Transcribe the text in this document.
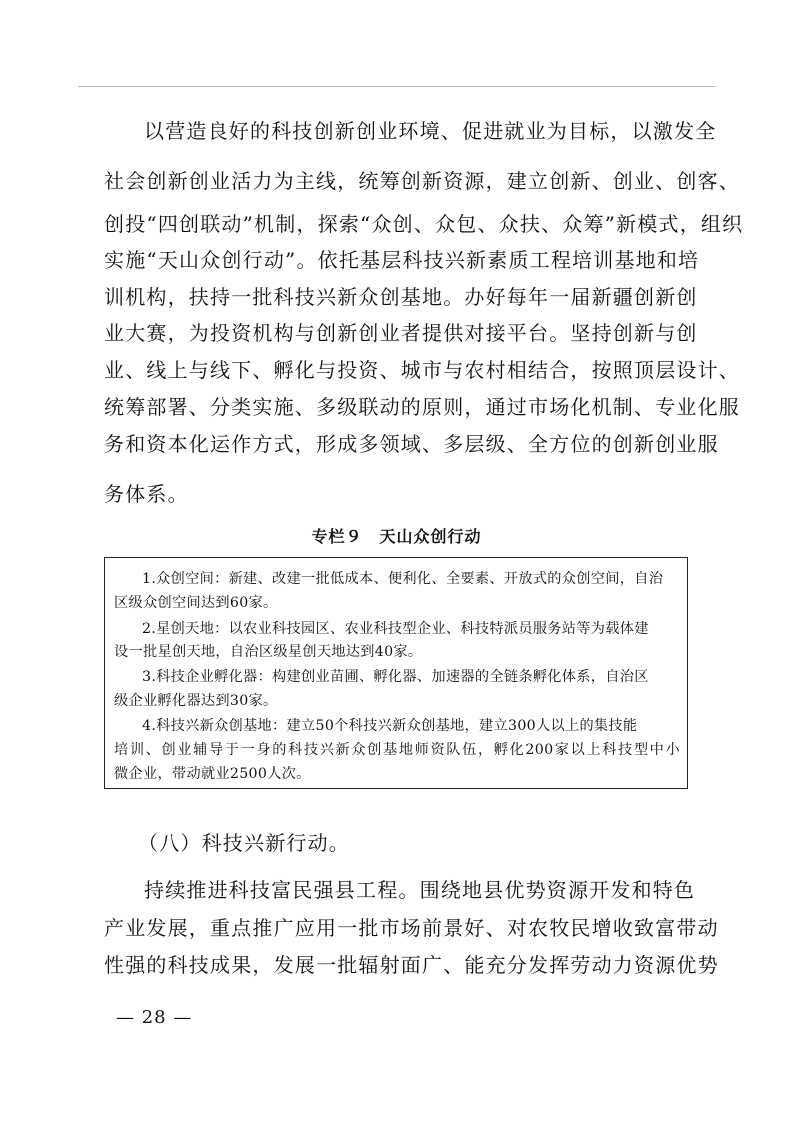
以营造良好的科技创新创业环境、促进就业为目标，以激发全
社会创新创业活力为主线，统筹创新资源，建立创新、创业、创客、
创投“四创联动”机制，探索“众创、众包、众扶、众筹”新模式，组织
实施“天山众创行动”。依托基层科技兴新素质工程培训基地和培
训机构，扶持一批科技兴新众创基地。办好每年一届新疆创新创
业大赛，为投资机构与创新创业者提供对接平台。坚持创新与创
业、线上与线下、孵化与投资、城市与农村相结合，按照顶层设计、
统筹部署、分类实施、多级联动的原则，通过市场化机制、专业化服
务和资本化运作方式，形成多领域、多层级、全方位的创新创业服
务体系。
专栏９　天山众创行动
1.众创空间：新建、改建一批低成本、便利化、全要素、开放式的众创空间，自治
区级众创空间达到60家。
2.星创天地：以农业科技园区、农业科技型企业、科技特派员服务站等为载体建
设一批星创天地，自治区级星创天地达到40家。
3.科技企业孵化器：构建创业苗圃、孵化器、加速器的全链条孵化体系，自治区
级企业孵化器达到30家。
4.科技兴新众创基地：建立50个科技兴新众创基地，建立300人以上的集技能
培训、创业辅导于一身的科技兴新众创基地师资队伍，孵化200家以上科技型中小
微企业，带动就业2500人次。
（八）科技兴新行动。
持续推进科技富民强县工程。围绕地县优势资源开发和特色
产业发展，重点推广应用一批市场前景好、对农牧民增收致富带动
性强的科技成果，发展一批辐射面广、能充分发挥劳动力资源优势
— 28 —
